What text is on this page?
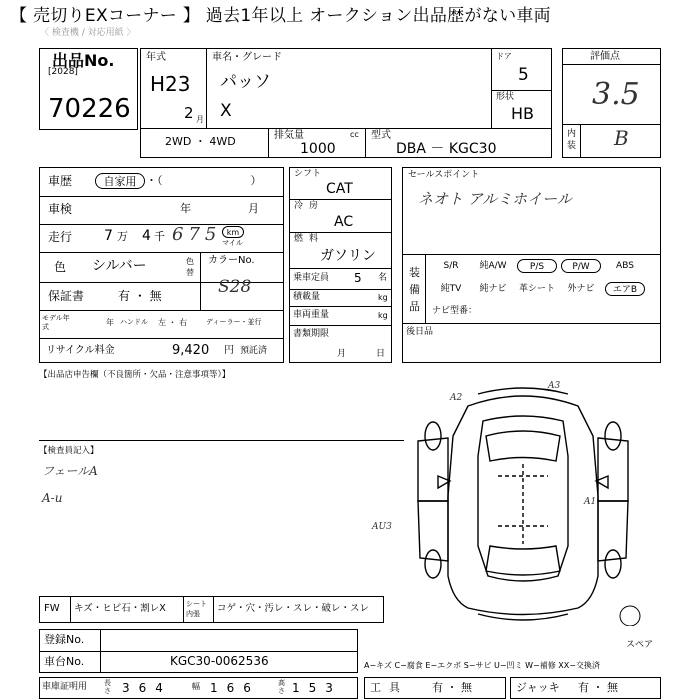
【 売切りEXコーナー 】 過去1年以上 オークション出品歴がない車両
〈 検査機 / 対応用紙 〉
出品No.
[2028]
70226
年式
H23
2 月
車名・グレード
パッソ
X
ドア
5
形状
HB
2WD ・ 4WD	排気量	cc
1000
型式
DBA － KGC30
評価点
3.5
内装 B
車歴	自家用 ・（　　　　　　　　）
車検	年	月
走行 7 万 4 千 675 km
マイル
色 シルバー	色替
カラーNo.
S28
保証書	有 ・ 無
モデル年式	年 ハンドル 左 ・ 右	ディーラー・並行
リサイクル料金	9,420 円 預託済
シフト
CAT
冷房
AC
燃料
ガソリン
乗車定員 5 名
積載量	kg
車両重量	kg
書類期限
月	日
セールスポイント
ネオト アルミホイール
装備品
S/R	純A/W	P/S	P/W	ABS
純TV	純ナビ	革シート	外ナビ	エアB
ナビ型番：
後日品
【出品店申告欄（不良箇所・欠品・注意事項等）】
【検査員記入】
フェールA
A-u
A2
A3
A1
スペア
AU3
FW キズ・ヒビ石・割レX	シート内張	コゲ・穴・汚レ・スレ・破レ・スレ
登録No.
車台No.	KGC30-0062536	A−キズ C−腐食 E−エクボ S−サビ U−凹ミ W−補修 XX−交換済
車庫証明用 長さ 364	幅 166	高さ 153	工具 有 ・ 無	ジャッキ 有 ・ 無
